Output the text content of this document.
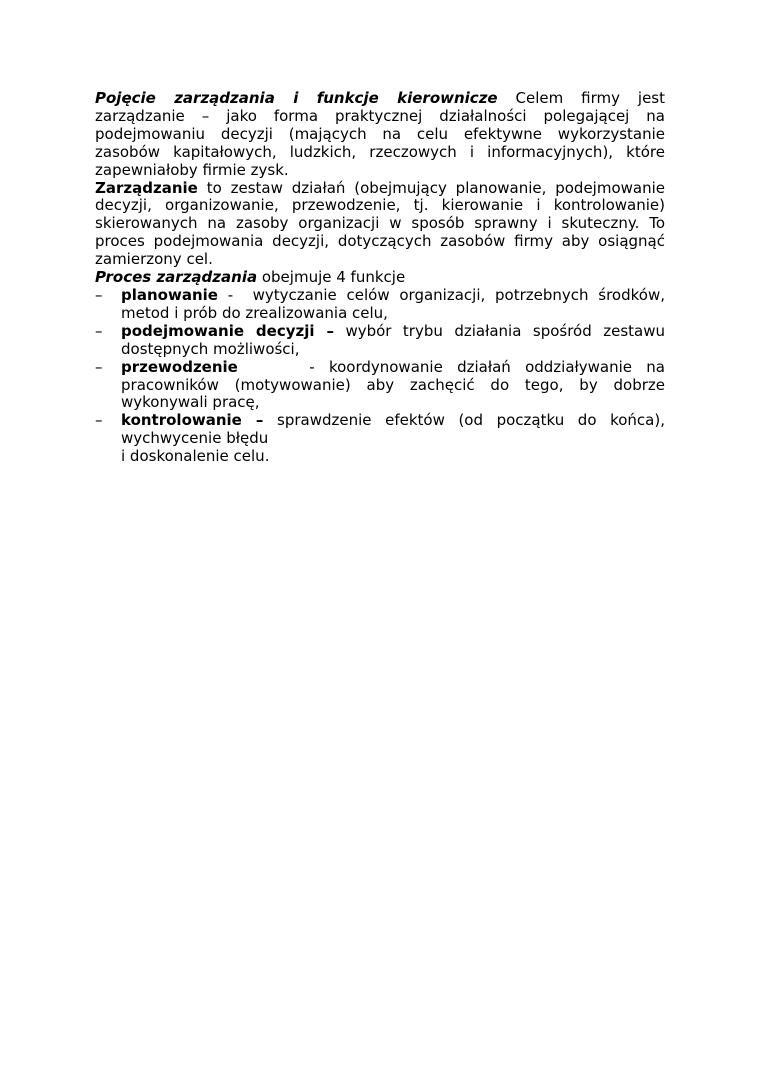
Pojęcie zarządzania i funkcje kierownicze Celem firmy jest zarządzanie – jako forma praktycznej działalności polegającej na podejmowaniu decyzji (mających na celu efektywne wykorzystanie zasobów kapitałowych, ludzkich, rzeczowych i informacyjnych), które zapewniałoby firmie zysk.

Zarządzanie to zestaw działań (obejmujący planowanie, podejmowanie decyzji, organizowanie, przewodzenie, tj. kierowanie i kontrolowanie) skierowanych na zasoby organizacji w sposób sprawny i skuteczny. To proces podejmowania decyzji, dotyczących zasobów firmy aby osiągnąć zamierzony cel.

Proces zarządzania obejmuje 4 funkcje

– planowanie -  wytyczanie celów organizacji, potrzebnych środków, metod i prób do zrealizowania celu,
– podejmowanie decyzji – wybór trybu działania spośród zestawu dostępnych możliwości,
– przewodzenie     - koordynowanie działań oddziaływanie na pracowników (motywowanie) aby zachęcić do tego, by dobrze wykonywali pracę,
– kontrolowanie – sprawdzenie efektów (od początku do końca), wychwycenie błędu
i doskonalenie celu.
